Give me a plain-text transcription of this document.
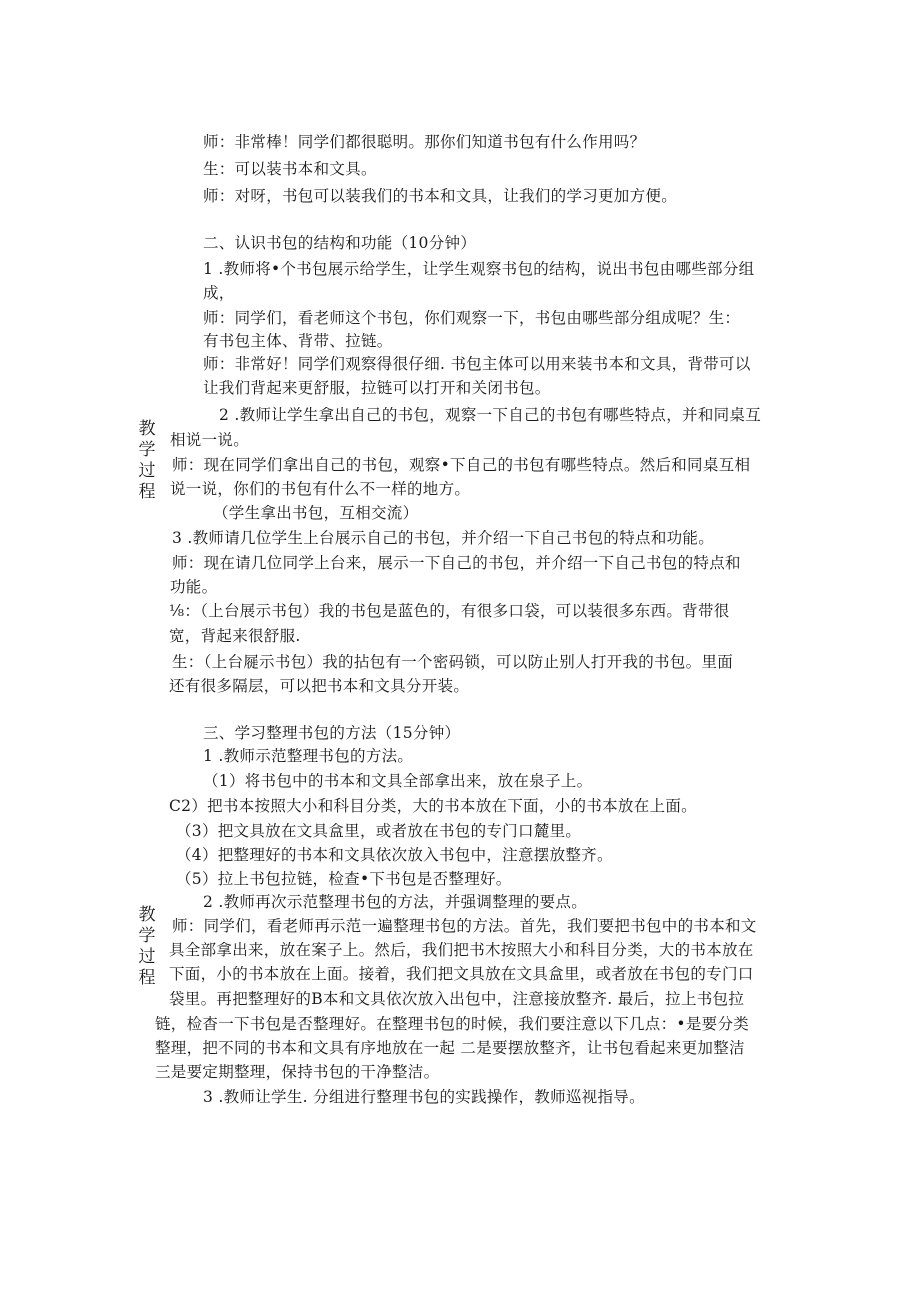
教
学
过
程
教
学
过
程
师：非常棒！同学们都很聪明。那你们知道书包有什么作用吗？
生：可以装书本和文具。
师：对呀，书包可以装我们的书本和文具，让我们的学习更加方便。
二、认识书包的结构和功能（10分钟）
1 .教师将•个书包展示给学生，让学生观察书包的结构，说出书包由哪些部分组
成，
师：同学们，看老师这个书包，你们观察一下，书包由哪些部分组成呢？生：
有书包主体、背带、拉链。
师：非常好！同学们观察得很仔细. 书包主体可以用来装书本和文具，背带可以
让我们背起来更舒服，拉链可以打开和关闭书包。
2 .教师让学生拿出自己的书包，观察一下自己的书包有哪些特点，并和同桌互
相说一说。
师：现在同学们拿出自己的书包，观察•下自己的书包有哪些特点。然后和同桌互相
说一说，你们的书包有什么不一样的地方。
（学生拿出书包，互相交流）
3 .教师请几位学生上台展示自己的书包，并介绍一下自己书包的特点和功能。
师：现在请几位同学上台来，展示一下自己的书包，并介绍一下自己书包的特点和
功能。
⅛：（上台展示书包）我的书包是蓝色的，有很多口袋，可以装很多东西。背带很
宽，背起来很舒服.
生：（上台屣示书包）我的拈包有一个密码锁，可以防止别人打开我的书包。里面
还有很多隔层，可以把书本和文具分开装。
三、学习整理书包的方法（15分钟）
1 .教师示范整理书包的方法。
（1）将书包中的书本和文具全部拿出来，放在泉子上。
C2）把书本按照大小和科目分类，大的书本放在下面，小的书本放在上面。
（3）把文具放在文具盒里，或者放在书包的专门口麓里。
（4）把整理好的书本和文具依次放入书包中，注意摆放整齐。
（5）拉上书包拉链，检查•下书包是否整理好。
2 .教师再次示范整理书包的方法，并强调整理的要点。
师：同学们，看老师再示范一遍整理书包的方法。首先，我们要把书包中的书本和文
具全部拿出来，放在案子上。然后，我们把书木按照大小和科目分类，大的书本放在
下面，小的书本放在上面。接着，我们把文具放在文具盒里，或者放在书包的专门口
袋里。再把整理好的B本和文具依次放入出包中，注意接放整齐. 最后，拉上书包拉
链，检杳一下书包是否整理好。在整理书包的时候，我们要注意以下几点：•是要分类
整理，把不同的书本和文具有序地放在一起 二是要摆放整齐，让书包看起来更加整洁
三是要定期整理，保持书包的干净整洁。
3 .教师让学生. 分组进行整理书包的实践操作，教师巡视指导。
